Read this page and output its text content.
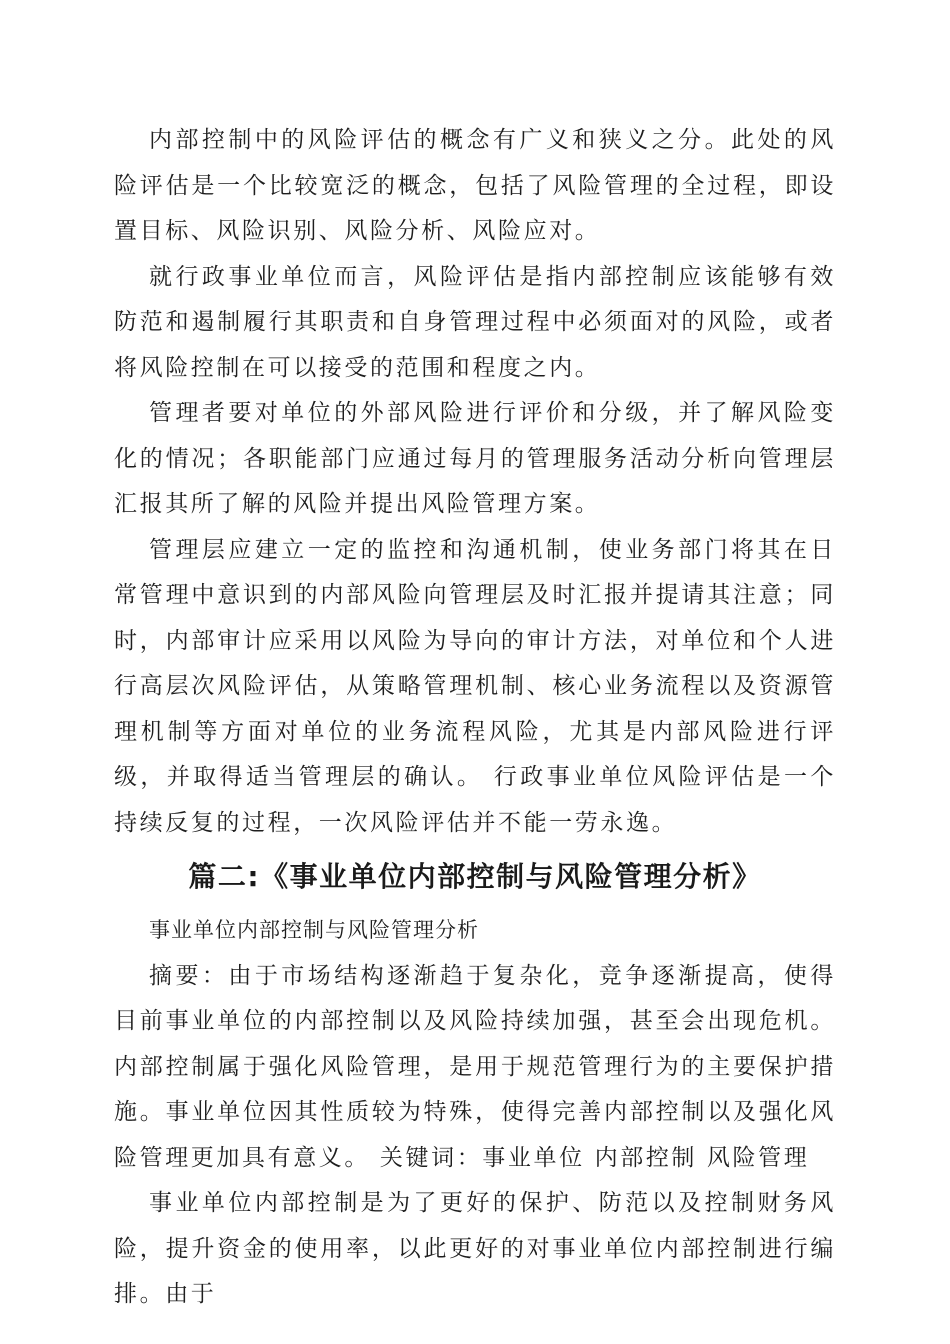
内部控制中的风险评估的概念有广义和狭义之分。此处的风险评估是一个比较宽泛的概念，包括了风险管理的全过程，即设置目标、风险识别、风险分析、风险应对。

就行政事业单位而言，风险评估是指内部控制应该能够有效防范和遏制履行其职责和自身管理过程中必须面对的风险，或者将风险控制在可以接受的范围和程度之内。

管理者要对单位的外部风险进行评价和分级，并了解风险变化的情况；各职能部门应通过每月的管理服务活动分析向管理层汇报其所了解的风险并提出风险管理方案。

管理层应建立一定的监控和沟通机制，使业务部门将其在日常管理中意识到的内部风险向管理层及时汇报并提请其注意；同时，内部审计应采用以风险为导向的审计方法，对单位和个人进行高层次风险评估，从策略管理机制、核心业务流程以及资源管理机制等方面对单位的业务流程风险，尤其是内部风险进行评级，并取得适当管理层的确认。 行政事业单位风险评估是一个持续反复的过程，一次风险评估并不能一劳永逸。

篇二:《事业单位内部控制与风险管理分析》

事业单位内部控制与风险管理分析

摘要：由于市场结构逐渐趋于复杂化，竞争逐渐提高，使得目前事业单位的内部控制以及风险持续加强，甚至会出现危机。内部控制属于强化风险管理，是用于规范管理行为的主要保护措施。事业单位因其性质较为特殊，使得完善内部控制以及强化风险管理更加具有意义。 关键词：事业单位 内部控制 风险管理

事业单位内部控制是为了更好的保护、防范以及控制财务风险，提升资金的使用率，以此更好的对事业单位内部控制进行编排。由于
